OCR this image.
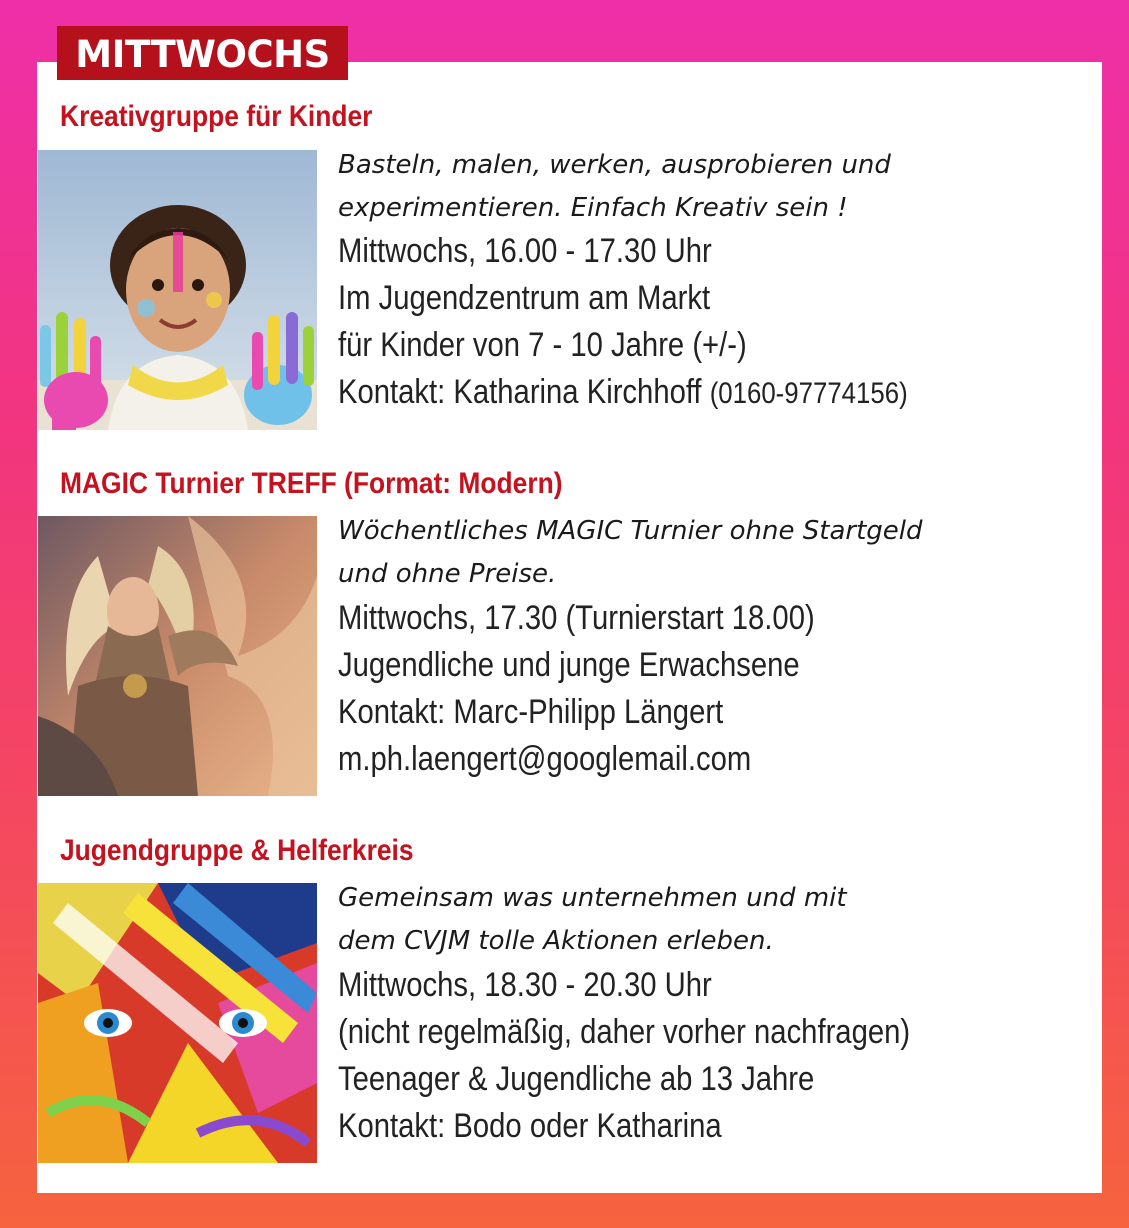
MITTWOCHS
Kreativgruppe für Kinder
Basteln, malen, werken, ausprobieren und
experimentieren. Einfach Kreativ sein !
Mittwochs, 16.00 - 17.30 Uhr
Im Jugendzentrum am Markt
für Kinder von 7 - 10 Jahre (+/-)
Kontakt: Katharina Kirchhoff (0160-97774156)
MAGIC Turnier TREFF (Format: Modern)
Wöchentliches MAGIC Turnier ohne Startgeld
und ohne Preise.
Mittwochs, 17.30 (Turnierstart 18.00)
Jugendliche und junge Erwachsene
Kontakt: Marc-Philipp Längert
m.ph.laengert@googlemail.com
Jugendgruppe & Helferkreis
Gemeinsam was unternehmen und mit
dem CVJM tolle Aktionen erleben.
Mittwochs, 18.30 - 20.30 Uhr
(nicht regelmäßig, daher vorher nachfragen)
Teenager & Jugendliche ab 13 Jahre
Kontakt: Bodo oder Katharina
